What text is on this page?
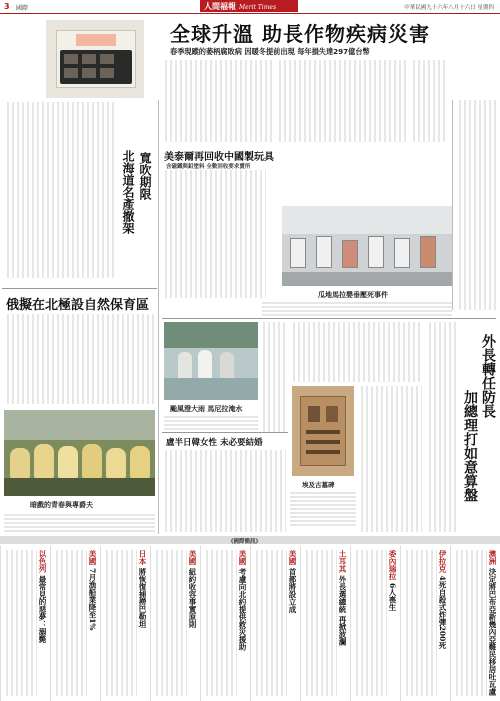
3 國際	人間福報 Merit Times	中華民國九十六年八月十六日 星期四
寬吹期限
北海道名產撤架
俄擬在北極設自然保育區
暗戲的青春與專爵夫
全球升溫 助長作物疾病災害
春季現蹤的萎柄腐敗病 因暖冬提前出現 每年損失達297億台幣
美泰爾再回收中國製玩具
含磁鐵與鉛塗料 全數回收要求賣所
瓜地馬拉嬰垂壓死事件
颱風澄大雨 馬尼拉淹水
盧半日韓女性 未必要結婚
埃及古墓碑
外長轉任防長
加總理打如意算盤
《國際簡訊》
澳洲決定將巴布亞新幾內亞難民移居吐瓦盧
伊拉克4死自殺式炸彈200死
委內瑞拉6人喪生
土耳其外長選總統 再掀波瀾
美國首都將設立成
美國考慮向北約提供救災援助
美國紐約收容事實原則
日本將恢復捕撈巴勒坦
美國7月漁船業降至1%
以色列最常見的惡夢：溺斃
